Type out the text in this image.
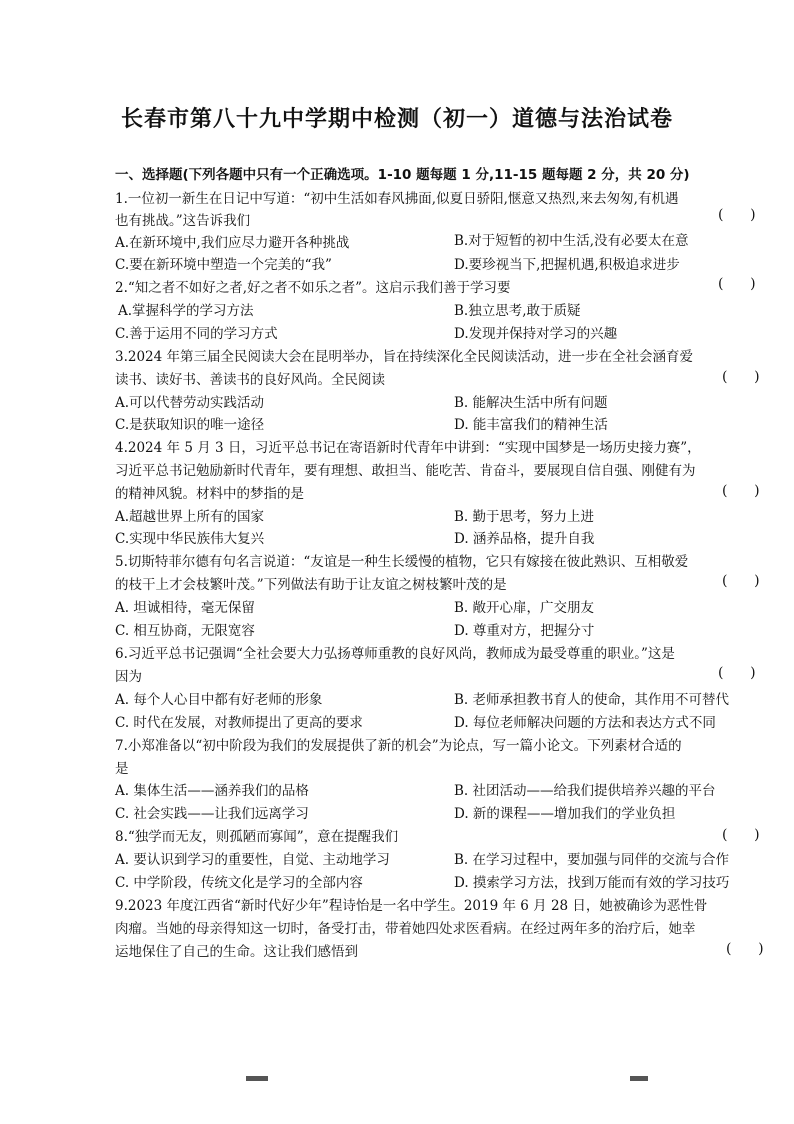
长春市第八十九中学期中检测（初一）道德与法治试卷
一、选择题(下列各题中只有一个正确选项。1-10 题每题 1 分,11-15 题每题 2 分，共 20 分)
1.一位初一新生在日记中写道：“初中生活如春风拂面,似夏日骄阳,惬意又热烈,来去匆匆,有机遇
也有挑战。”这告诉我们	(      )
A.在新环境中,我们应尽力避开各种挑战	B.对于短暂的初中生活,没有必要太在意
C.要在新环境中塑造一个完美的“我”	D.要珍视当下,把握机遇,积极追求进步
2.“知之者不如好之者,好之者不如乐之者”。这启示我们善于学习要	(      )
A.掌握科学的学习方法	B.独立思考,敢于质疑
C.善于运用不同的学习方式	D.发现并保持对学习的兴趣
3.2024 年第三届全民阅读大会在昆明举办，旨在持续深化全民阅读活动，进一步在全社会涵育爱
读书、读好书、善读书的良好风尚。全民阅读	(      )
A.可以代替劳动实践活动	B. 能解决生活中所有问题
C.是获取知识的唯一途径	D. 能丰富我们的精神生活
4.2024 年 5 月 3 日，习近平总书记在寄语新时代青年中讲到：“实现中国梦是一场历史接力赛”，
习近平总书记勉励新时代青年，要有理想、敢担当、能吃苦、肯奋斗，要展现自信自强、刚健有为
的精神风貌。材料中的梦指的是	(      )
A.超越世界上所有的国家	B. 勤于思考，努力上进
C.实现中华民族伟大复兴	D. 涵养品格，提升自我
5.切斯特菲尔德有句名言说道：“友谊是一种生长缓慢的植物，它只有嫁接在彼此熟识、互相敬爱
的枝干上才会枝繁叶茂。”下列做法有助于让友谊之树枝繁叶茂的是	(      )
A. 坦诚相待，毫无保留	B. 敞开心扉，广交朋友
C. 相互协商，无限宽容	D. 尊重对方，把握分寸
6.习近平总书记强调“全社会要大力弘扬尊师重教的良好风尚，教师成为最受尊重的职业。”这是
因为	(      )
A. 每个人心目中都有好老师的形象	B. 老师承担教书育人的使命，其作用不可替代
C. 时代在发展，对教师提出了更高的要求	D. 每位老师解决问题的方法和表达方式不同
7.小郑准备以“初中阶段为我们的发展提供了新的机会”为论点，写一篇小论文。下列素材合适的
是
A. 集体生活——涵养我们的品格	B. 社团活动——给我们提供培养兴趣的平台
C. 社会实践——让我们远离学习	D. 新的课程——增加我们的学业负担
8.“独学而无友，则孤陋而寡闻”，意在提醒我们	(      )
A. 要认识到学习的重要性，自觉、主动地学习	B. 在学习过程中，要加强与同伴的交流与合作
C. 中学阶段，传统文化是学习的全部内容	D. 摸索学习方法，找到万能而有效的学习技巧
9.2023 年度江西省“新时代好少年”程诗怡是一名中学生。2019 年 6 月 28 日，她被确诊为恶性骨
肉瘤。当她的母亲得知这一切时，备受打击，带着她四处求医看病。在经过两年多的治疗后，她幸
运地保住了自己的生命。这让我们感悟到	(      )
